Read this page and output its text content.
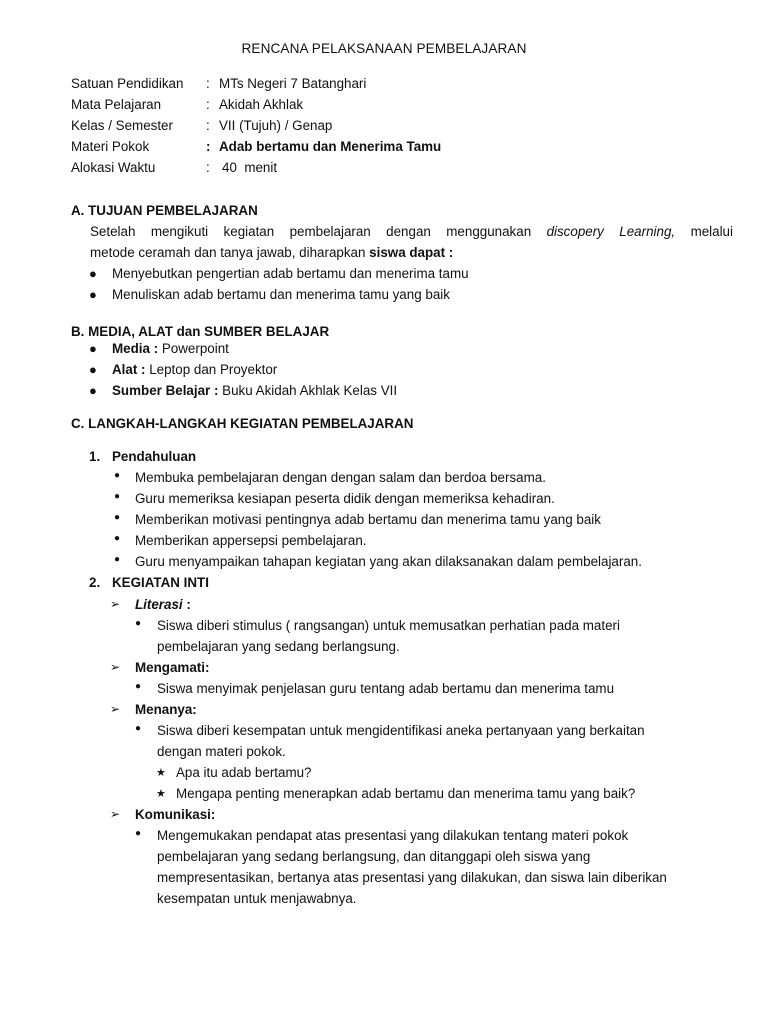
RENCANA PELAKSANAAN PEMBELAJARAN
Satuan Pendidikan : MTs Negeri 7 Batanghari
Mata Pelajaran	: Akidah Akhlak
Kelas / Semester : VII (Tujuh) / Genap
Materi Pokok	: Adab bertamu dan Menerima Tamu
Alokasi Waktu	: 40  menit
A. TUJUAN PEMBELAJARAN
Setelah mengikuti kegiatan pembelajaran dengan menggunakan discopery Learning, melalui
metode ceramah dan tanya jawab, diharapkan siswa dapat :
● Menyebutkan pengertian adab bertamu dan menerima tamu
● Menuliskan adab bertamu dan menerima tamu yang baik
B. MEDIA, ALAT dan SUMBER BELAJAR
● Media : Powerpoint
● Alat : Leptop dan Proyektor
● Sumber Belajar : Buku Akidah Akhlak Kelas VII
C. LANGKAH-LANGKAH KEGIATAN PEMBELAJARAN
1. Pendahuluan
● Membuka pembelajaran dengan dengan salam dan berdoa bersama.
● Guru memeriksa kesiapan peserta didik dengan memeriksa kehadiran.
● Memberikan motivasi pentingnya adab bertamu dan menerima tamu yang baik
● Memberikan appersepsi pembelajaran.
● Guru menyampaikan tahapan kegiatan yang akan dilaksanakan dalam pembelajaran.
2. KEGIATAN INTI
➢ Literasi :
● Siswa diberi stimulus ( rangsangan) untuk memusatkan perhatian pada materi
pembelajaran yang sedang berlangsung.
➢ Mengamati:
● Siswa menyimak penjelasan guru tentang adab bertamu dan menerima tamu
➢ Menanya:
● Siswa diberi kesempatan untuk mengidentifikasi aneka pertanyaan yang berkaitan
dengan materi pokok.
★ Apa itu adab bertamu?
★ Mengapa penting menerapkan adab bertamu dan menerima tamu yang baik?
➢ Komunikasi:
● Mengemukakan pendapat atas presentasi yang dilakukan tentang materi pokok
pembelajaran yang sedang berlangsung, dan ditanggapi oleh siswa yang
mempresentasikan, bertanya atas presentasi yang dilakukan, dan siswa lain diberikan
kesempatan untuk menjawabnya.
